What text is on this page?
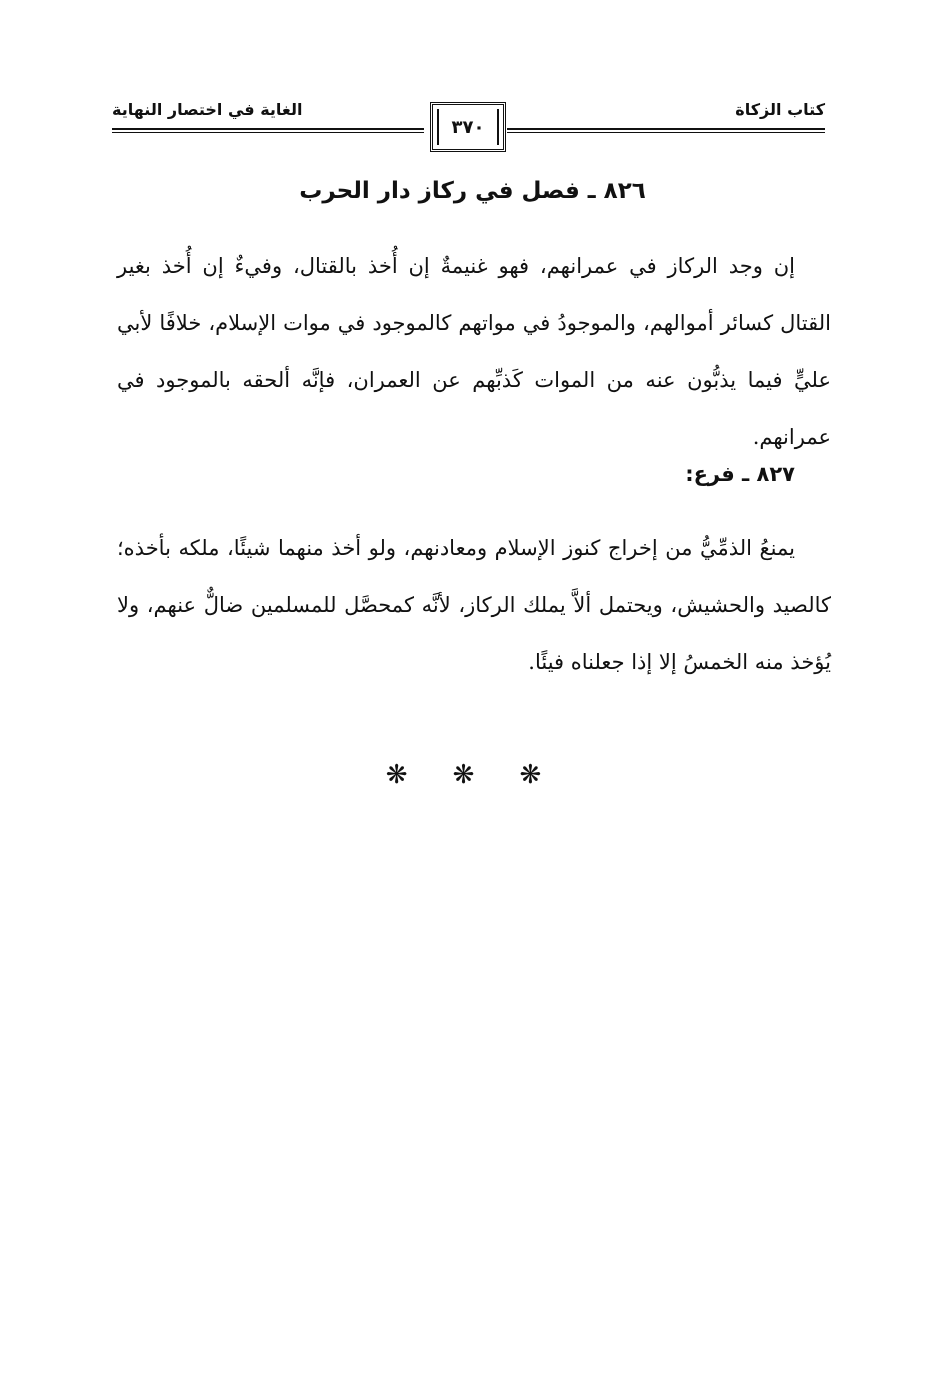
كتاب الزكاة
٣٧٠
الغاية في اختصار النهاية
٨٢٦ ـ فصل في ركاز دار الحرب

إن وجد الركاز في عمرانهم، فهو غنيمةٌ إن أُخذ بالقتال، وفيءٌ إن أُخذ بغير القتال كسائر أموالهم، والموجودُ في مواتهم كالموجود في موات الإسلام، خلافًا لأبي عليٍّ فيما يذبُّون عنه من الموات كَذبِّهم عن العمران، فإنَّه ألحقه بالموجود في عمرانهم.

٨٢٧ ـ فرع:

يمنعُ الذمِّيُّ من إخراج كنوز الإسلام ومعادنهم، ولو أخذ منهما شيئًا، ملكه بأخذه؛ كالصيد والحشيش، ويحتمل ألاَّ يملك الركاز، لأنَّه كمحصَّل للمسلمين ضالٌّ عنهم، ولا يُؤخذ منه الخمسُ إلا إذا جعلناه فيئًا.

❋ ❋ ❋
